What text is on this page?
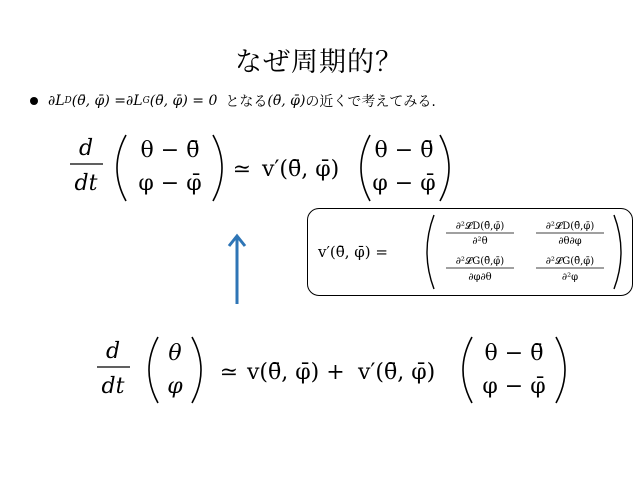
なぜ周期的？
∂L D (θ̄, φ̄) = ∂L G (θ̄, φ̄) = 0 となる (θ̄, φ̄) の近くで考えてみる.
d
dt
θ − θ̄
φ − φ̄
≃ v′(θ̄, φ̄)
θ − θ̄
φ − φ̄
v′(θ̄, φ̄) =
∂²𝓛D(θ̄,φ̄)
∂²θ
∂²𝓛D(θ̄,φ̄)
∂θ∂φ
∂²𝓛G(θ̄,φ̄)
∂φ∂θ
∂²𝓛G(θ̄,φ̄)
∂²φ
d
dt
θ
φ
≃ v(θ̄, φ̄) + v′(θ̄, φ̄)
θ − θ̄
φ − φ̄
